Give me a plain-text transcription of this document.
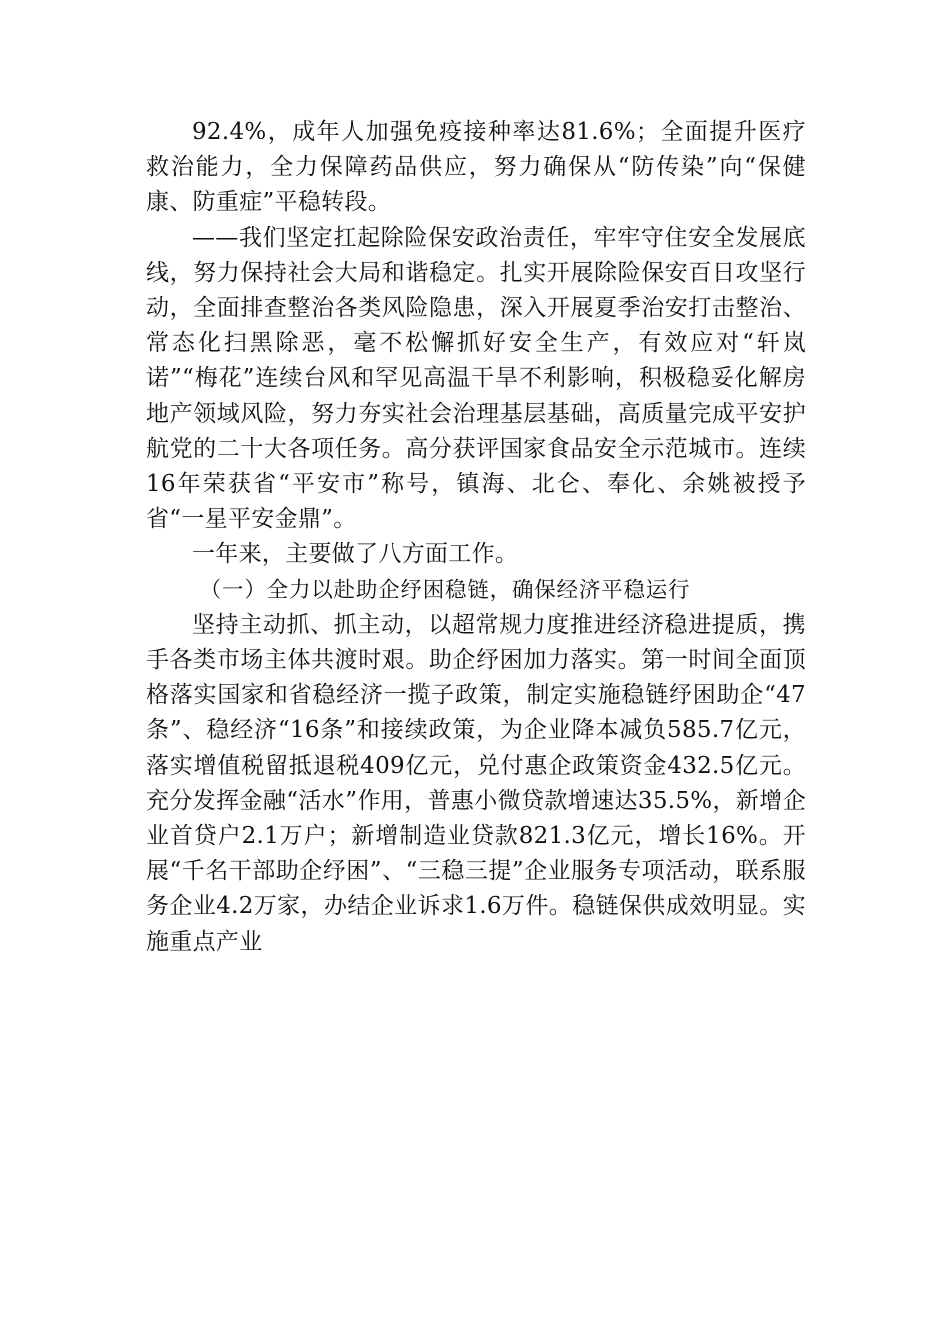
92.4%，成年人加强免疫接种率达81.6%；全面提升医疗救治能力，全力保障药品供应，努力确保从“防传染”向“保健康、防重症”平稳转段。

——我们坚定扛起除险保安政治责任，牢牢守住安全发展底线，努力保持社会大局和谐稳定。扎实开展除险保安百日攻坚行动，全面排查整治各类风险隐患，深入开展夏季治安打击整治、常态化扫黑除恶，毫不松懈抓好安全生产，有效应对“轩岚诺”“梅花”连续台风和罕见高温干旱不利影响，积极稳妥化解房地产领域风险，努力夯实社会治理基层基础，高质量完成平安护航党的二十大各项任务。高分获评国家食品安全示范城市。连续16年荣获省“平安市”称号，镇海、北仑、奉化、余姚被授予省“一星平安金鼎”。

一年来，主要做了八方面工作。

（一）全力以赴助企纾困稳链，确保经济平稳运行

坚持主动抓、抓主动，以超常规力度推进经济稳进提质，携手各类市场主体共渡时艰。助企纾困加力落实。第一时间全面顶格落实国家和省稳经济一揽子政策，制定实施稳链纾困助企“47条”、稳经济“16条”和接续政策，为企业降本减负585.7亿元，落实增值税留抵退税409亿元，兑付惠企政策资金432.5亿元。充分发挥金融“活水”作用，普惠小微贷款增速达35.5%，新增企业首贷户2.1万户；新增制造业贷款821.3亿元，增长16%。开展“千名干部助企纾困”、“三稳三提”企业服务专项活动，联系服务企业4.2万家，办结企业诉求1.6万件。稳链保供成效明显。实施重点产业
